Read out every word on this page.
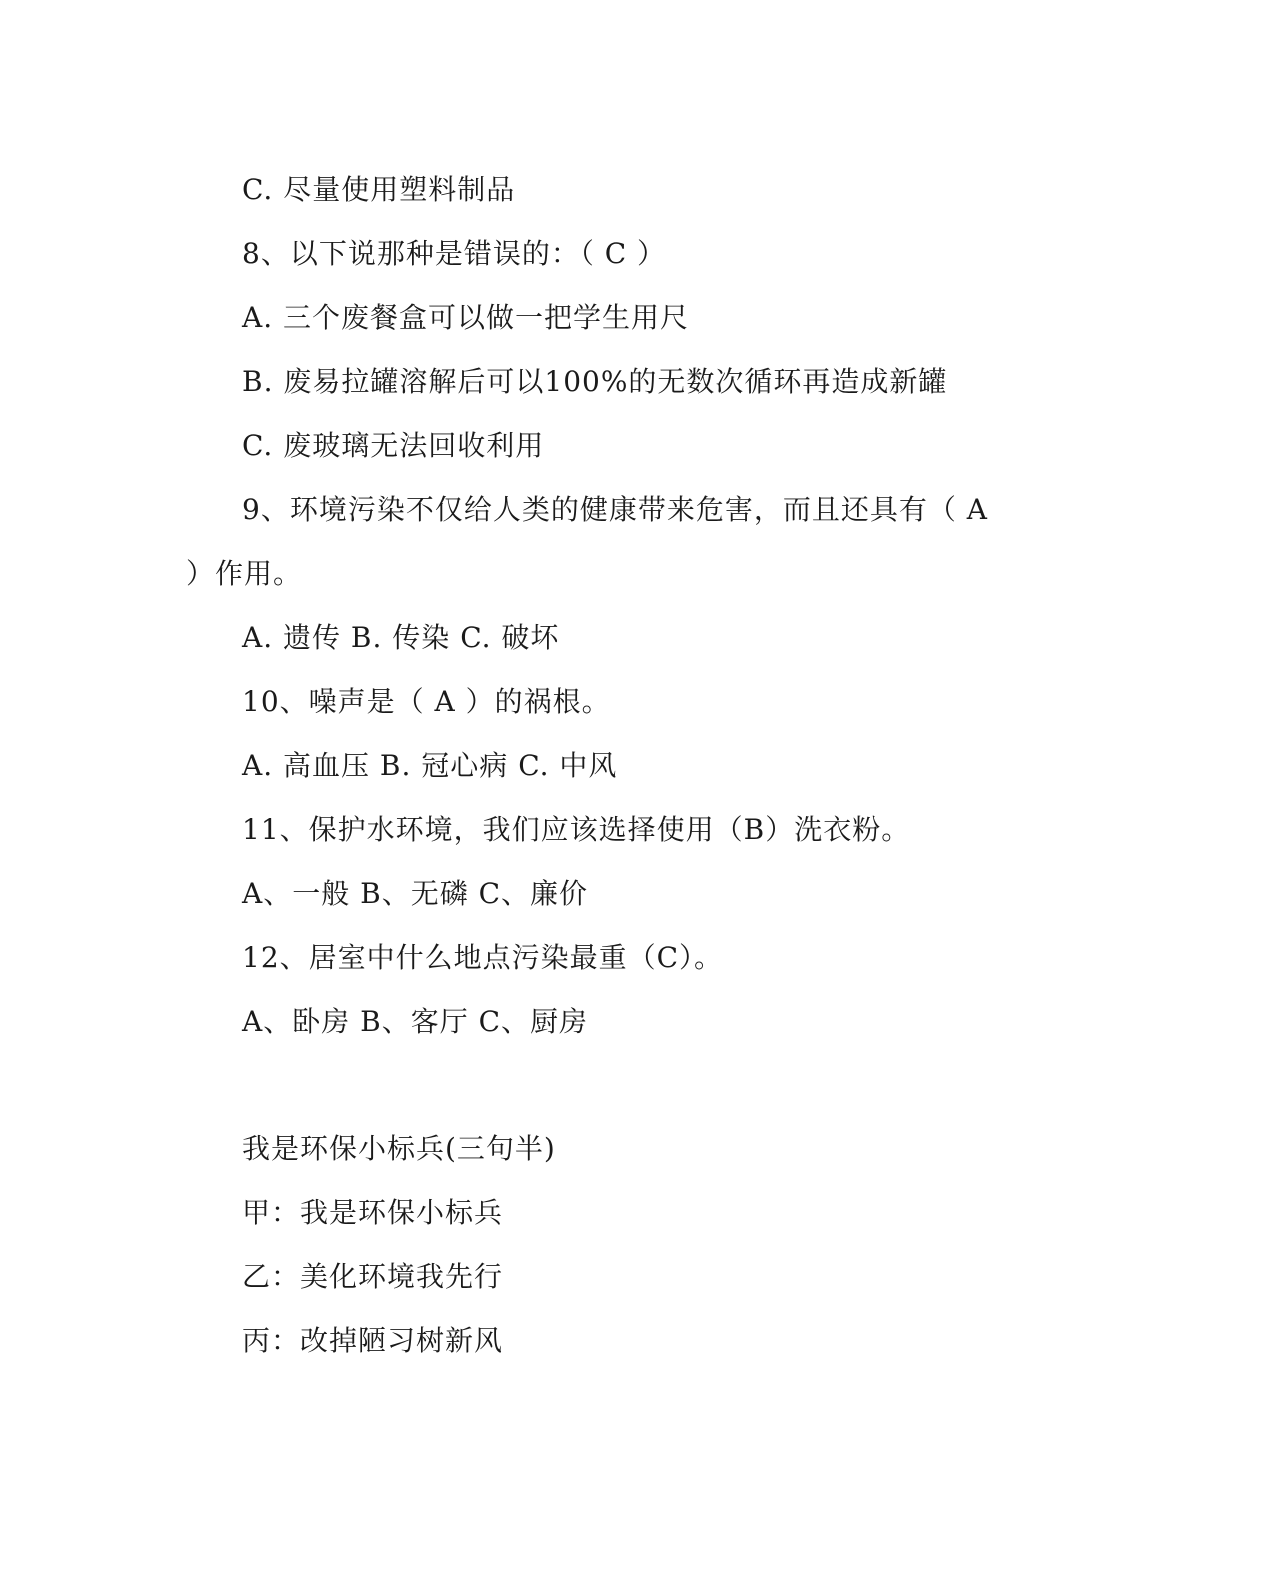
C. 尽量使用塑料制品
8、以下说那种是错误的：（ C ）
A. 三个废餐盒可以做一把学生用尺
B. 废易拉罐溶解后可以100%的无数次循环再造成新罐
C. 废玻璃无法回收利用
9、环境污染不仅给人类的健康带来危害，而且还具有（ A
）作用。
A. 遗传 B. 传染 C. 破坏
10、噪声是（ A ）的祸根。
A. 高血压 B. 冠心病 C. 中风
11、保护水环境，我们应该选择使用（B）洗衣粉。
A、一般 B、无磷 C、廉价
12、居室中什么地点污染最重（C）。
A、卧房 B、客厅 C、厨房
我是环保小标兵(三句半)
甲：我是环保小标兵
乙：美化环境我先行
丙：改掉陋习树新风
